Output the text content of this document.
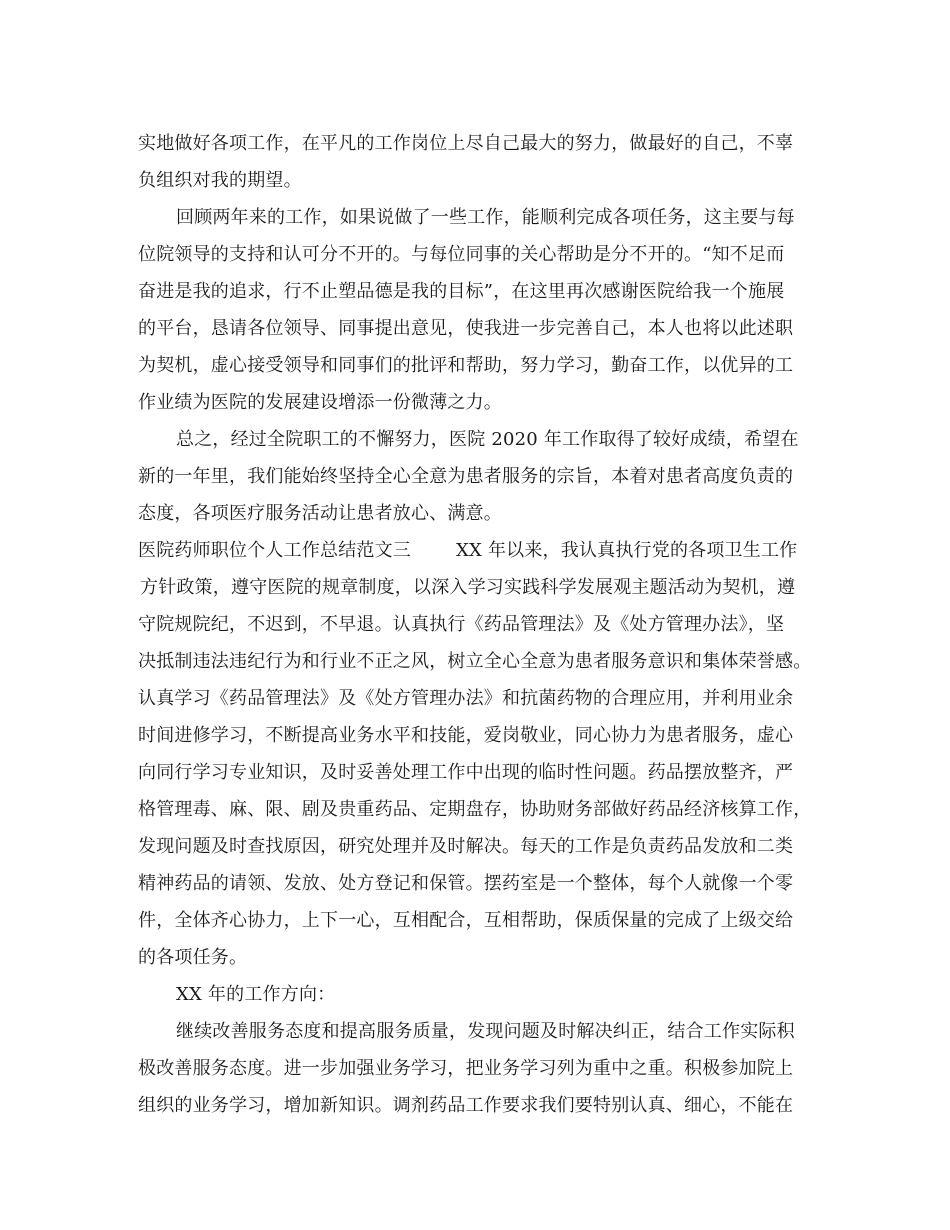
实地做好各项工作，在平凡的工作岗位上尽自己最大的努力，做最好的自己，不辜
负组织对我的期望。
回顾两年来的工作，如果说做了一些工作，能顺利完成各项任务，这主要与每
位院领导的支持和认可分不开的。与每位同事的关心帮助是分不开的。“知不足而
奋进是我的追求，行不止塑品德是我的目标”，在这里再次感谢医院给我一个施展
的平台，恳请各位领导、同事提出意见，使我进一步完善自己，本人也将以此述职
为契机，虚心接受领导和同事们的批评和帮助，努力学习，勤奋工作，以优异的工
作业绩为医院的发展建设增添一份微薄之力。
总之，经过全院职工的不懈努力，医院 2020 年工作取得了较好成绩，希望在
新的一年里，我们能始终坚持全心全意为患者服务的宗旨，本着对患者高度负责的
态度，各项医疗服务活动让患者放心、满意。
医院药师职位个人工作总结范文三	XX 年以来，我认真执行党的各项卫生工作
方针政策，遵守医院的规章制度，以深入学习实践科学发展观主题活动为契机，遵
守院规院纪，不迟到，不早退。认真执行《药品管理法》及《处方管理办法》，坚
决抵制违法违纪行为和行业不正之风，树立全心全意为患者服务意识和集体荣誉感。
认真学习《药品管理法》及《处方管理办法》和抗菌药物的合理应用，并利用业余
时间进修学习，不断提高业务水平和技能，爱岗敬业，同心协力为患者服务，虚心
向同行学习专业知识，及时妥善处理工作中出现的临时性问题。药品摆放整齐，严
格管理毒、麻、限、剧及贵重药品、定期盘存，协助财务部做好药品经济核算工作，
发现问题及时查找原因，研究处理并及时解决。每天的工作是负责药品发放和二类
精神药品的请领、发放、处方登记和保管。摆药室是一个整体，每个人就像一个零
件，全体齐心协力，上下一心，互相配合，互相帮助，保质保量的完成了上级交给
的各项任务。
XX 年的工作方向：
继续改善服务态度和提高服务质量，发现问题及时解决纠正，结合工作实际积
极改善服务态度。进一步加强业务学习，把业务学习列为重中之重。积极参加院上
组织的业务学习，增加新知识。调剂药品工作要求我们要特别认真、细心，不能在
